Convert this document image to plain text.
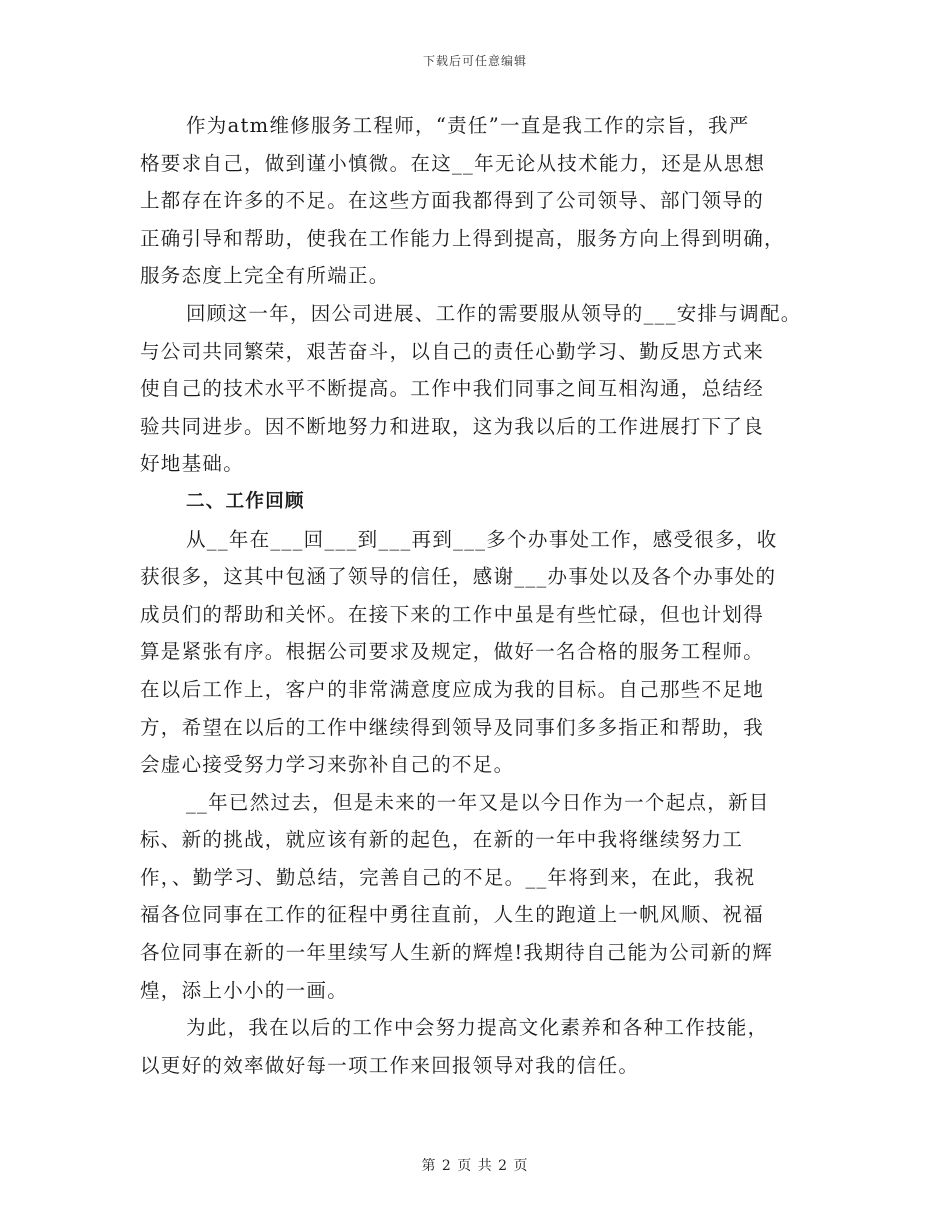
下载后可任意编辑
作为atm维修服务工程师，“责任”一直是我工作的宗旨，我严
格要求自己，做到谨小慎微。在这__年无论从技术能力，还是从思想
上都存在许多的不足。在这些方面我都得到了公司领导、部门领导的
正确引导和帮助，使我在工作能力上得到提高，服务方向上得到明确，
服务态度上完全有所端正。
回顾这一年，因公司进展、工作的需要服从领导的___安排与调配。
与公司共同繁荣，艰苦奋斗，以自己的责任心勤学习、勤反思方式来
使自己的技术水平不断提高。工作中我们同事之间互相沟通，总结经
验共同进步。因不断地努力和进取，这为我以后的工作进展打下了良
好地基础。
二、工作回顾
从__年在___回___到___再到___多个办事处工作，感受很多，收
获很多，这其中包涵了领导的信任，感谢___办事处以及各个办事处的
成员们的帮助和关怀。在接下来的工作中虽是有些忙碌，但也计划得
算是紧张有序。根据公司要求及规定，做好一名合格的服务工程师。
在以后工作上，客户的非常满意度应成为我的目标。自己那些不足地
方，希望在以后的工作中继续得到领导及同事们多多指正和帮助，我
会虚心接受努力学习来弥补自己的不足。
__年已然过去，但是未来的一年又是以今日作为一个起点，新目
标、新的挑战，就应该有新的起色，在新的一年中我将继续努力工
作，、勤学习、勤总结，完善自己的不足。__年将到来，在此，我祝
福各位同事在工作的征程中勇往直前，人生的跑道上一帆风顺、祝福
各位同事在新的一年里续写人生新的辉煌!我期待自己能为公司新的辉
煌，添上小小的一画。
为此，我在以后的工作中会努力提高文化素养和各种工作技能，
以更好的效率做好每一项工作来回报领导对我的信任。
第 2 页 共 2 页
